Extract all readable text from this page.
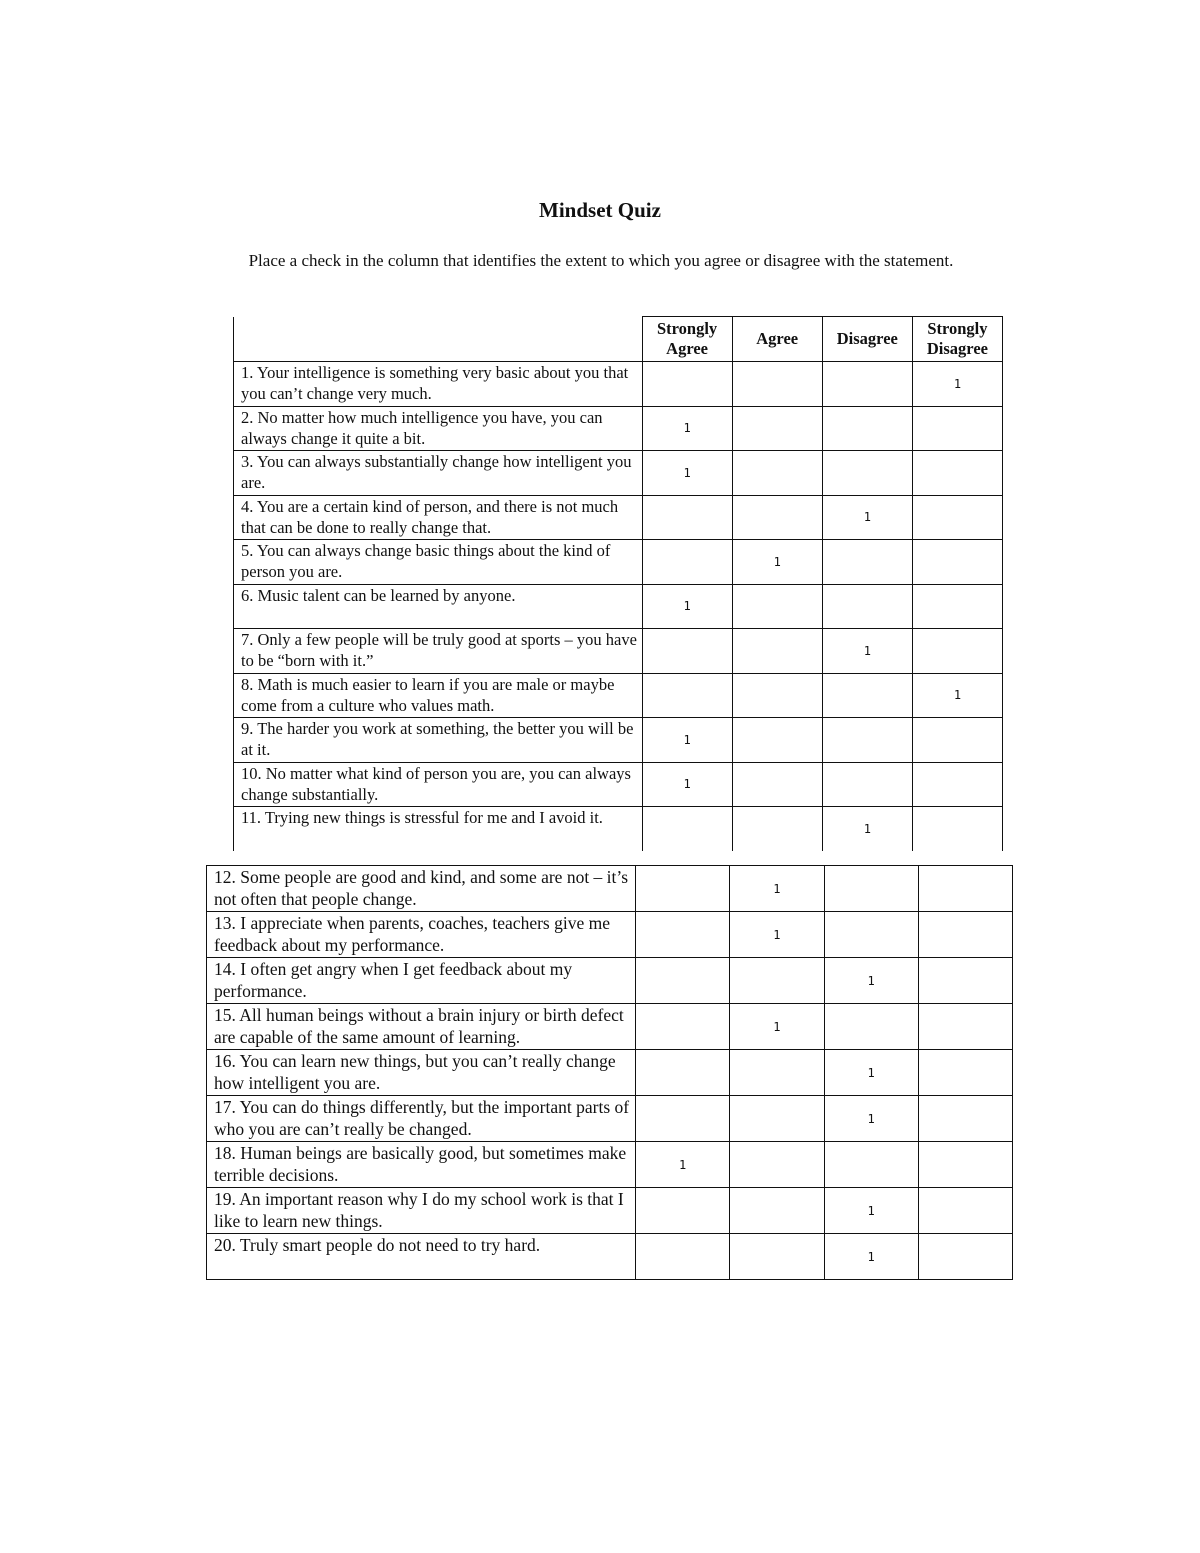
Mindset Quiz
Place a check in the column that identifies the extent to which you agree or disagree with the statement.
	Strongly Agree	Agree	Disagree	Strongly Disagree
1. Your intelligence is something very basic about you that you can’t change very much.				1
2. No matter how much intelligence you have, you can always change it quite a bit.	1			
3. You can always substantially change how intelligent you are.	1			
4. You are a certain kind of person, and there is not much that can be done to really change that.			1	
5. You can always change basic things about the kind of person you are.		1		
6. Music talent can be learned by anyone.	1			
7. Only a few people will be truly good at sports – you have to be “born with it.”			1	
8. Math is much easier to learn if you are male or maybe come from a culture who values math.				1
9. The harder you work at something, the better you will be at it.	1			
10. No matter what kind of person you are, you can always change substantially.	1			
11. Trying new things is stressful for me and I avoid it.			1	
12. Some people are good and kind, and some are not – it’s not often that people change.		1		
13. I appreciate when parents, coaches, teachers give me feedback about my performance.		1		
14. I often get angry when I get feedback about my performance.			1	
15. All human beings without a brain injury or birth defect are capable of the same amount of learning.		1		
16. You can learn new things, but you can’t really change how intelligent you are.			1	
17. You can do things differently, but the important parts of who you are can’t really be changed.			1	
18. Human beings are basically good, but sometimes make terrible decisions.	1			
19. An important reason why I do my school work is that I like to learn new things.			1	
20. Truly smart people do not need to try hard.			1	
